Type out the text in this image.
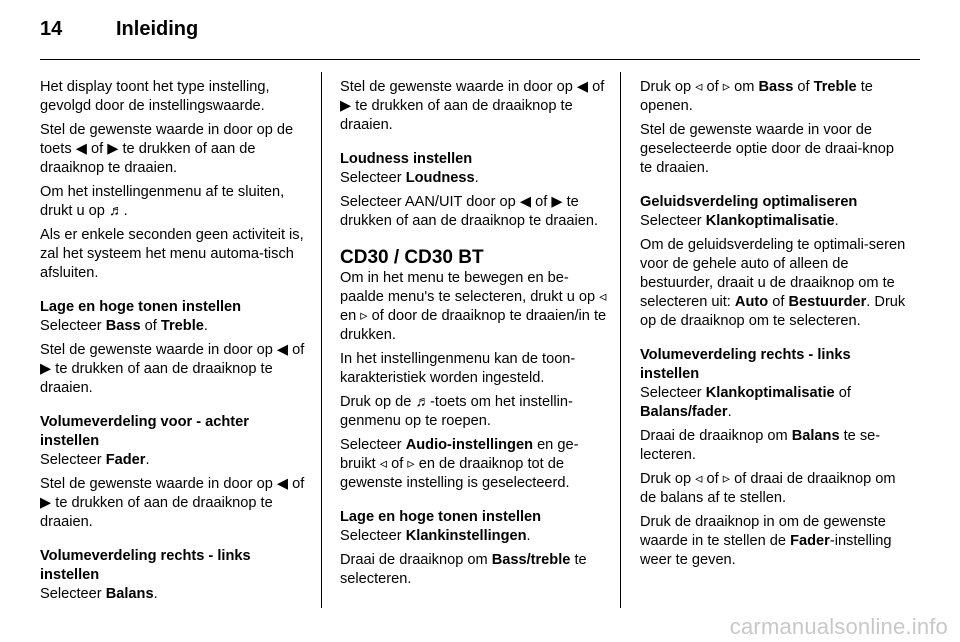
14	Inleiding

Het display toont het type instelling, gevolgd door de instellingswaarde.

Stel de gewenste waarde in door op de toets ◀ of ▶ te drukken of aan de draaiknop te draaien.

Om het instellingenmenu af te sluiten, drukt u op ♬.

Als er enkele seconden geen activiteit is, zal het systeem het menu automa-tisch afsluiten.

Lage en hoge tonen instellen

Selecteer Bass of Treble.

Stel de gewenste waarde in door op ◀ of ▶ te drukken of aan de draaiknop te draaien.

Volumeverdeling voor - achter instellen

Selecteer Fader.

Stel de gewenste waarde in door op ◀ of ▶ te drukken of aan de draaiknop te draaien.

Volumeverdeling rechts - links instellen

Selecteer Balans.

Stel de gewenste waarde in door op ◀ of ▶ te drukken of aan de draaiknop te draaien.

Loudness instellen

Selecteer Loudness.

Selecteer AAN/UIT door op ◀ of ▶ te drukken of aan de draaiknop te draaien.

CD30 / CD30 BT

Om in het menu te bewegen en be-paalde menu's te selecteren, drukt u op ◃ en ▹ of door de draaiknop te draaien/in te drukken.

In het instellingenmenu kan de toon-karakteristiek worden ingesteld.

Druk op de ♬-toets om het instellin-genmenu op te roepen.

Selecteer Audio-instellingen en ge-bruikt ◃ of ▹ en de draaiknop tot de gewenste instelling is geselecteerd.

Lage en hoge tonen instellen

Selecteer Klankinstellingen.

Draai de draaiknop om Bass/treble te selecteren.

Druk op ◃ of ▹ om Bass of Treble te openen.

Stel de gewenste waarde in voor de geselecteerde optie door de draai-knop te draaien.

Geluidsverdeling optimaliseren

Selecteer Klankoptimalisatie.

Om de geluidsverdeling te optimali-seren voor de gehele auto of alleen de bestuurder, draait u de draaiknop om te selecteren uit: Auto of Bestuurder. Druk op de draaiknop om te selecteren.

Volumeverdeling rechts - links instellen

Selecteer Klankoptimalisatie of Balans/fader.

Draai de draaiknop om Balans te se-lecteren.

Druk op ◃ of ▹ of draai de draaiknop om de balans af te stellen.

Druk de draaiknop in om de gewenste waarde in te stellen de Fader-instelling weer te geven.

carmanualsonline.info
